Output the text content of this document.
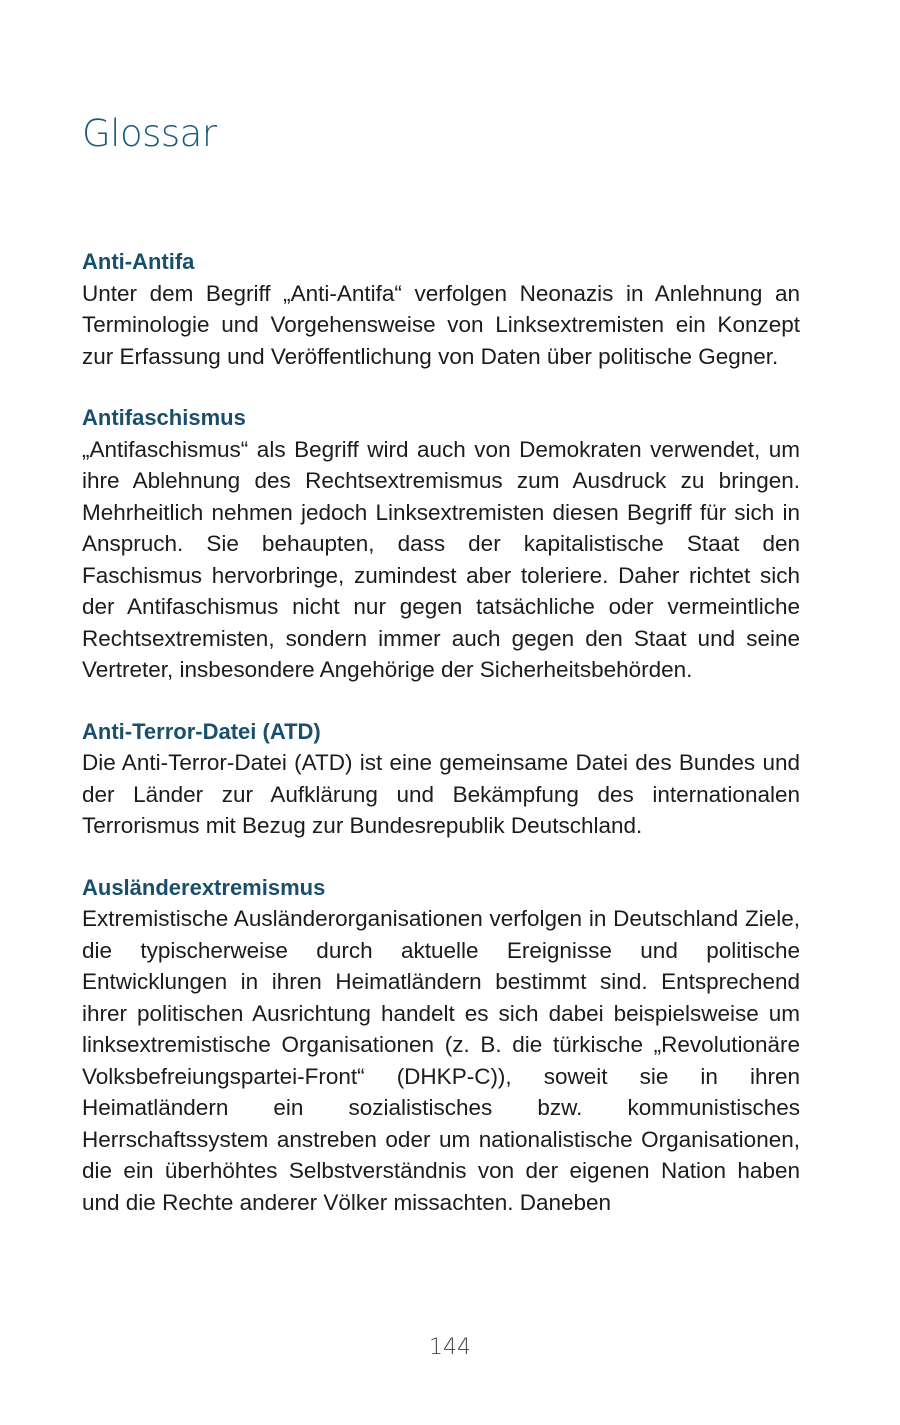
Glossar

Anti-Antifa

Unter dem Begriff „Anti-Antifa“ verfolgen Neonazis in Anlehnung an Terminologie und Vorgehensweise von Linksextremisten ein Konzept zur Erfassung und Veröffentlichung von Daten über politische Gegner.

Antifaschismus

„Antifaschismus“ als Begriff wird auch von Demokraten verwendet, um ihre Ablehnung des Rechtsextremismus zum Ausdruck zu bringen. Mehrheitlich nehmen jedoch Linksextremisten diesen Begriff für sich in Anspruch. Sie behaupten, dass der kapitalistische Staat den Faschismus hervorbringe, zumindest aber toleriere. Daher richtet sich der Antifaschismus nicht nur gegen tatsächliche oder vermeintliche Rechtsextremisten, sondern immer auch gegen den Staat und seine Vertreter, insbesondere Angehörige der Sicherheitsbehörden.

Anti-Terror-Datei (ATD)

Die Anti-Terror-Datei (ATD) ist eine gemeinsame Datei des Bundes und der Länder zur Aufklärung und Bekämpfung des internationalen Terrorismus mit Bezug zur Bundesrepublik Deutschland.

Ausländerextremismus

Extremistische Ausländerorganisationen verfolgen in Deutschland Ziele, die typischerweise durch aktuelle Ereignisse und politische Entwicklungen in ihren Heimatländern bestimmt sind. Entsprechend ihrer politischen Ausrichtung handelt es sich dabei beispielsweise um linksextremistische Organisationen (z. B. die türkische „Revolutionäre Volksbefreiungspartei-Front“ (DHKP-C)), soweit sie in ihren Heimatländern ein sozialistisches bzw. kommunistisches Herrschaftssystem anstreben oder um nationalistische Organisationen, die ein überhöhtes Selbstverständnis von der eigenen Nation haben und die Rechte anderer Völker missachten. Daneben

144
